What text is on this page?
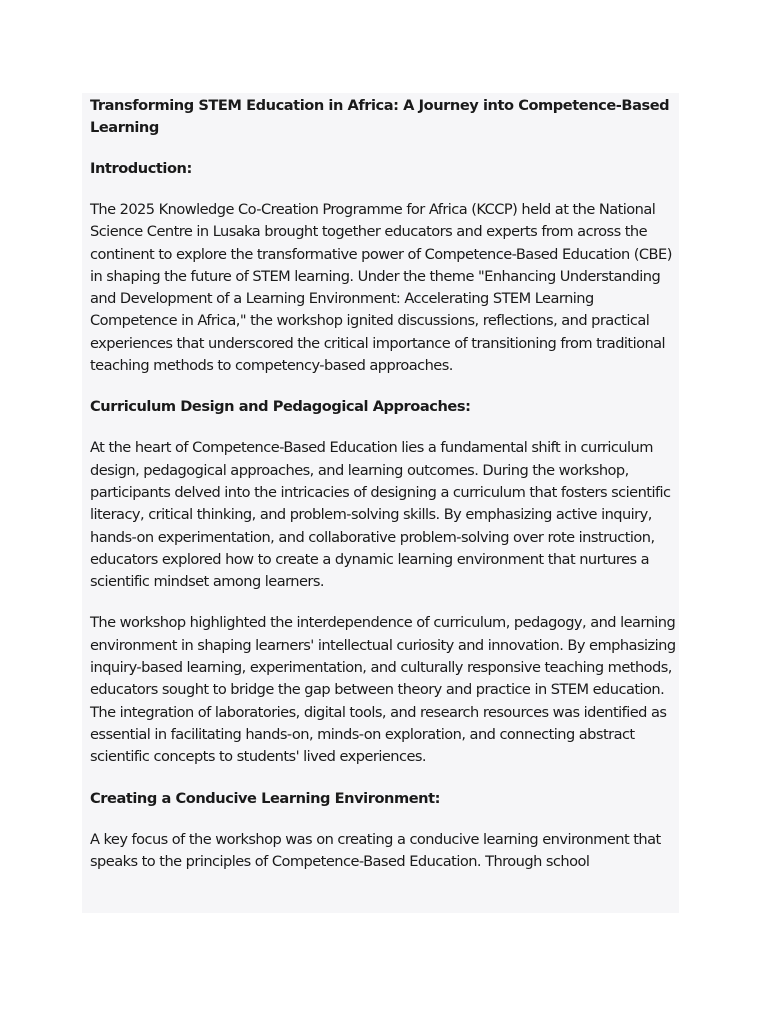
Transforming STEM Education in Africa: A Journey into Competence-Based Learning
Introduction:
The 2025 Knowledge Co-Creation Programme for Africa (KCCP) held at the National Science Centre in Lusaka brought together educators and experts from across the continent to explore the transformative power of Competence-Based Education (CBE) in shaping the future of STEM learning. Under the theme "Enhancing Understanding and Development of a Learning Environment: Accelerating STEM Learning Competence in Africa," the workshop ignited discussions, reflections, and practical experiences that underscored the critical importance of transitioning from traditional teaching methods to competency-based approaches.
Curriculum Design and Pedagogical Approaches:
At the heart of Competence-Based Education lies a fundamental shift in curriculum design, pedagogical approaches, and learning outcomes. During the workshop, participants delved into the intricacies of designing a curriculum that fosters scientific literacy, critical thinking, and problem-solving skills. By emphasizing active inquiry, hands-on experimentation, and collaborative problem-solving over rote instruction, educators explored how to create a dynamic learning environment that nurtures a scientific mindset among learners.
The workshop highlighted the interdependence of curriculum, pedagogy, and learning environment in shaping learners' intellectual curiosity and innovation. By emphasizing inquiry-based learning, experimentation, and culturally responsive teaching methods, educators sought to bridge the gap between theory and practice in STEM education. The integration of laboratories, digital tools, and research resources was identified as essential in facilitating hands-on, minds-on exploration, and connecting abstract scientific concepts to students' lived experiences.
Creating a Conducive Learning Environment:
A key focus of the workshop was on creating a conducive learning environment that speaks to the principles of Competence-Based Education. Through school
